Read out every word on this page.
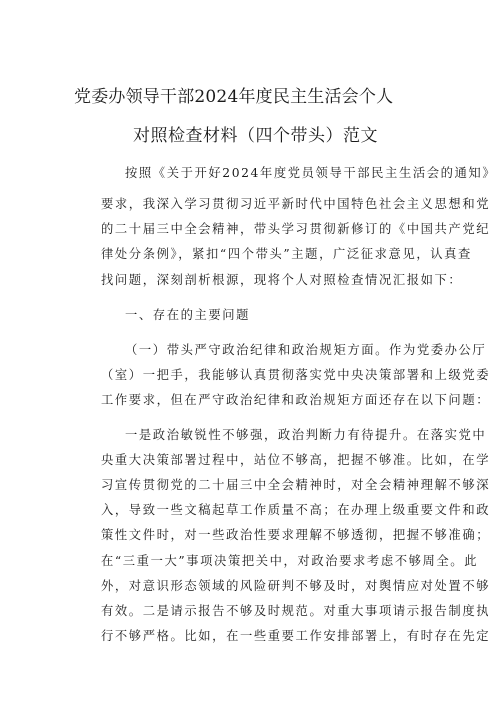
党委办领导干部2024年度民主生活会个人
对照检查材料（四个带头）范文
按照《关于开好2024年度党员领导干部民主生活会的通知》
要求，我深入学习贯彻习近平新时代中国特色社会主义思想和党
的二十届三中全会精神，带头学习贯彻新修订的《中国共产党纪
律处分条例》，紧扣“四个带头”主题，广泛征求意见，认真查
找问题，深刻剖析根源，现将个人对照检查情况汇报如下：
一、存在的主要问题
（一）带头严守政治纪律和政治规矩方面。作为党委办公厅
（室）一把手，我能够认真贯彻落实党中央决策部署和上级党委
工作要求，但在严守政治纪律和政治规矩方面还存在以下问题：
一是政治敏锐性不够强，政治判断力有待提升。在落实党中
央重大决策部署过程中，站位不够高，把握不够准。比如，在学
习宣传贯彻党的二十届三中全会精神时，对全会精神理解不够深
入，导致一些文稿起草工作质量不高；在办理上级重要文件和政
策性文件时，对一些政治性要求理解不够透彻，把握不够准确；
在“三重一大”事项决策把关中，对政治要求考虑不够周全。此
外，对意识形态领域的风险研判不够及时，对舆情应对处置不够
有效。二是请示报告不够及时规范。对重大事项请示报告制度执
行不够严格。比如，在一些重要工作安排部署上，有时存在先定
